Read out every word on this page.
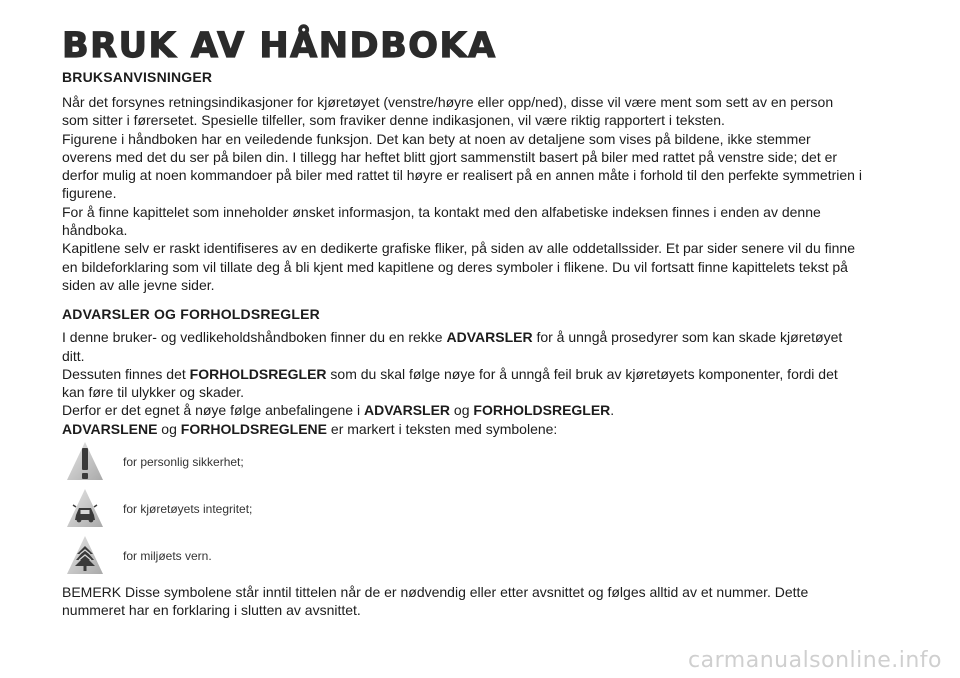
BRUK AV HÅNDBOKA
BRUKSANVISNINGER

Når det forsynes retningsindikasjoner for kjøretøyet (venstre/høyre eller opp/ned), disse vil være ment som sett av en person som sitter i førersetet. Spesielle tilfeller, som fraviker denne indikasjonen, vil være riktig rapportert i teksten.

Figurene i håndboken har en veiledende funksjon. Det kan bety at noen av detaljene som vises på bildene, ikke stemmer overens med det du ser på bilen din. I tillegg har heftet blitt gjort sammenstilt basert på biler med rattet på venstre side; det er derfor mulig at noen kommandoer på biler med rattet til høyre er realisert på en annen måte i forhold til den perfekte symmetrien i figurene.

For å finne kapittelet som inneholder ønsket informasjon, ta kontakt med den alfabetiske indeksen finnes i enden av denne håndboka.

Kapitlene selv er raskt identifiseres av en dedikerte grafiske fliker, på siden av alle oddetallssider. Et par sider senere vil du finne en bildeforklaring som vil tillate deg å bli kjent med kapitlene og deres symboler i flikene. Du vil fortsatt finne kapittelets tekst på siden av alle jevne sider.

ADVARSLER OG FORHOLDSREGLER

I denne bruker- og vedlikeholdshåndboken finner du en rekke ADVARSLER for å unngå prosedyrer som kan skade kjøretøyet ditt.

Dessuten finnes det FORHOLDSREGLER som du skal følge nøye for å unngå feil bruk av kjøretøyets komponenter, fordi det kan føre til ulykker og skader.

Derfor er det egnet å nøye følge anbefalingene i ADVARSLER og FORHOLDSREGLER.

ADVARSLENE og FORHOLDSREGLENE er markert i teksten med symbolene:

for personlig sikkerhet;
for kjøretøyets integritet;
for miljøets vern.

BEMERK Disse symbolene står inntil tittelen når de er nødvendig eller etter avsnittet og følges alltid av et nummer. Dette nummeret har en forklaring i slutten av avsnittet.

carmanualsonline.info
